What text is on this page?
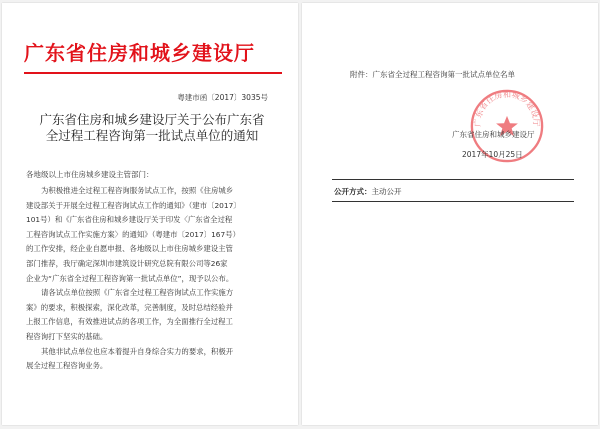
广东省住房和城乡建设厅
粤建市函〔2017〕3035号
广东省住房和城乡建设厅关于公布广东省
全过程工程咨询第一批试点单位的通知
各地级以上市住房城乡建设主管部门：
为积极推进全过程工程咨询服务试点工作，按照《住房城乡
建设部关于开展全过程工程咨询试点工作的通知》（建市〔2017〕
101号）和《广东省住房和城乡建设厅关于印发〈广东省全过程
工程咨询试点工作实施方案〉的通知》（粤建市〔2017〕167号）
的工作安排，经企业自愿申报、各地级以上市住房城乡建设主管
部门推荐，我厅确定深圳市建筑设计研究总院有限公司等26家
企业为“广东省全过程工程咨询第一批试点单位”，现予以公布。
请各试点单位按照《广东省全过程工程咨询试点工作实施方
案》的要求，积极探索，深化改革，完善制度，及时总结经验并
上报工作信息，有效推进试点的各项工作，为全面推行全过程工
程咨询打下坚实的基础。
其他非试点单位也应本着提升自身综合实力的要求，积极开
展全过程工程咨询业务。
附件：广东省全过程工程咨询第一批试点单位名单
广东省住房和城乡建设厅
广东省住房和城乡建设厅
2017年10月25日
公开方式：主动公开
